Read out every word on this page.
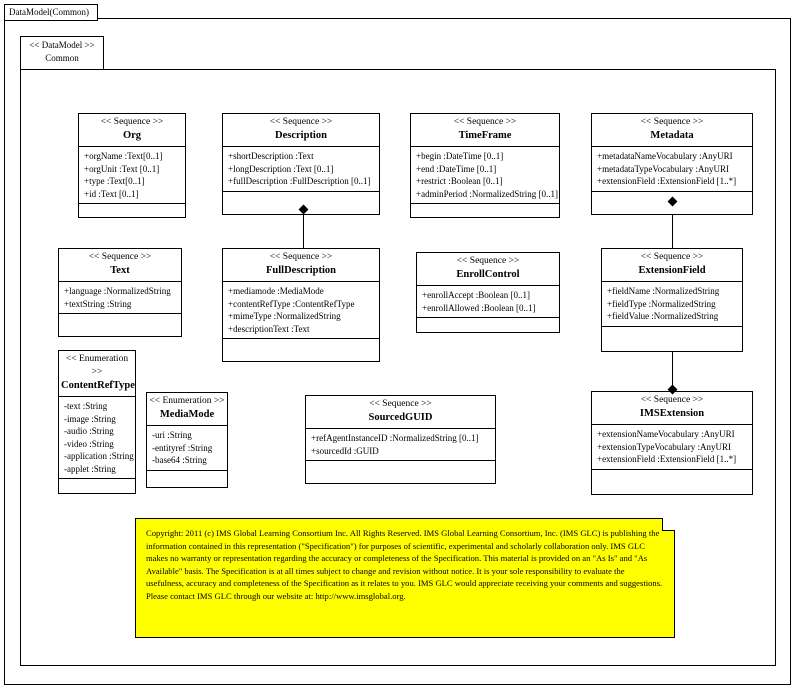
DataModel(Common)
<< DataModel >>
Common
<< Sequence >>
Org
+orgName :Text[0..1]
+orgUnit :Text [0..1]
+type :Text[0..1]
+id :Text [0..1]
<< Sequence >>
Description
+shortDescription :Text
+longDescription :Text [0..1]
+fullDescription :FullDescription [0..1]
<< Sequence >>
TimeFrame
+begin :DateTime [0..1]
+end :DateTime [0..1]
+restrict :Boolean [0..1]
+adminPeriod :NormalizedString [0..1]
<< Sequence >>
Metadata
+metadataNameVocabulary :AnyURI
+metadataTypeVocabulary :AnyURI
+extensionField :ExtensionField [1..*]
<< Sequence >>
Text
+language :NormalizedString
+textString :String
<< Sequence >>
FullDescription
+mediamode :MediaMode
+contentRefType :ContentRefType
+mimeType :NormalizedString
+descriptionText :Text
<< Sequence >>
EnrollControl
+enrollAccept :Boolean [0..1]
+enrollAllowed :Boolean [0..1]
<< Sequence >>
ExtensionField
+fieldName :NormalizedString
+fieldType :NormalizedString
+fieldValue :NormalizedString
<< Enumeration >>
ContentRefType
-text :String
-image :String
-audio :String
-video :String
-application :String
-applet :String
<< Enumeration >>
MediaMode
-uri :String
-entityref :String
-base64 :String
<< Sequence >>
SourcedGUID
+refAgentInstanceID :NormalizedString [0..1]
+sourcedId :GUID
<< Sequence >>
IMSExtension
+extensionNameVocabulary :AnyURI
+extensionTypeVocabulary :AnyURI
+extensionField :ExtensionField [1..*]
Copyright: 2011 (c) IMS Global Learning Consortium Inc. All Rights Reserved. IMS Global Learning Consortium, Inc. (IMS GLC) is publishing the information contained in this representation ("Specification") for purposes of scientific, experimental and scholarly collaboration only. IMS GLC makes no warranty or representation regarding the accuracy or completeness of the Specification. This material is provided on an "As Is" and "As Available" basis. The Specification is at all times subject to change and revision without notice. It is your sole responsibility to evaluate the usefulness, accuracy and completeness of the Specification as it relates to you. IMS GLC would appreciate receiving your comments and suggestions. Please contact IMS GLC through our website at: http://www.imsglobal.org.
